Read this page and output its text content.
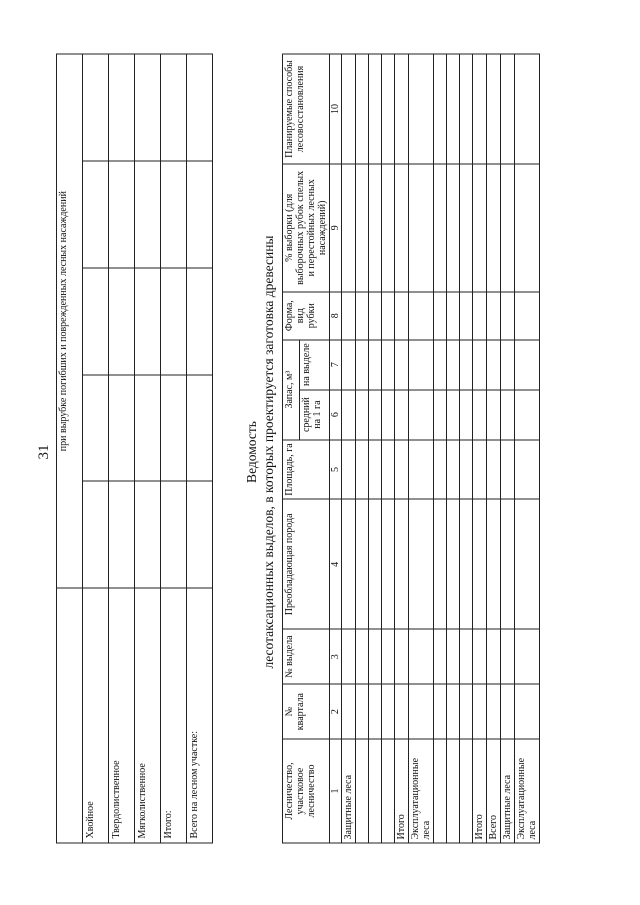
31
	при вырубке погибших и поврежденных лесных насаждений				
Хвойное					
Твердолиственное					
Мягколиственное					
Итого:					
Всего на лесном участке:					
Ведомость лесотаксационных выделов, в которых проектируется заготовка древесины
Лесничество, участковое лесничество	№ квартала	№ выдела	Преобладающая порода	Площадь, га	Запас, м³		Форма, вид рубки	% выборки (для выборочных рубок спелых и перестойных лесных насаждений)	Планируемые способы лесовосстановления
					средний на 1 га	на выделе			
1	2	3	4	5	6	7	8	9	10
Защитные леса									

Итого									
Эксплуатационные леса									

Итого									
Всего									
Защитные леса									
Эксплуатационные леса									
